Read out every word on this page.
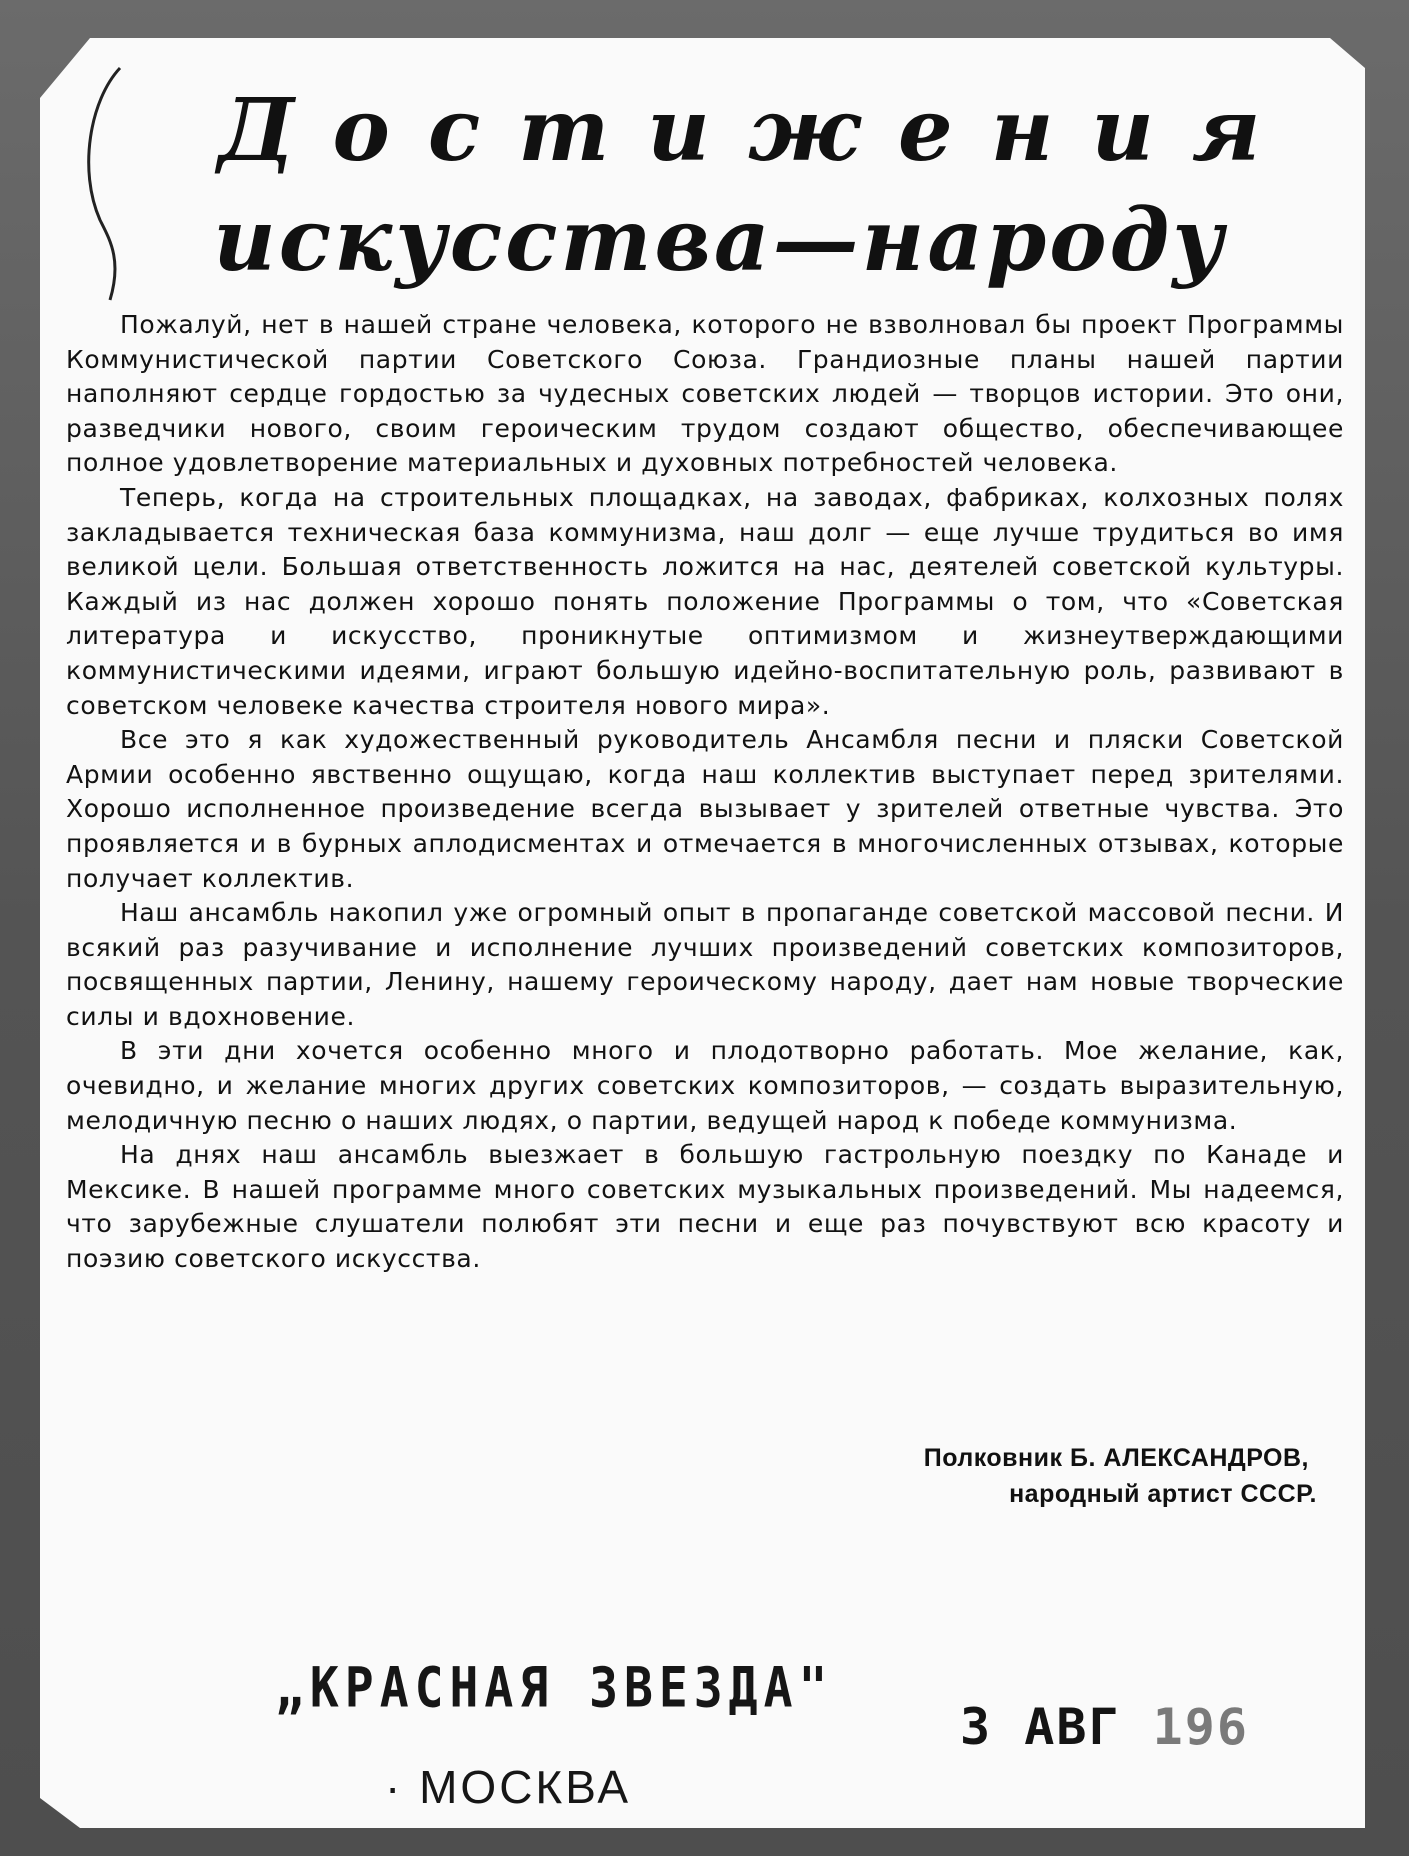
Достижения
искусства—народу

Пожалуй, нет в нашей стране человека, которого не взволновал бы проект Программы Коммунистической партии Советского Союза. Грандиозные планы нашей партии наполняют сердце гордостью за чудесных советских людей — творцов истории. Это они, разведчики нового, своим героическим трудом создают общество, обеспечивающее полное удовлетворение материальных и духовных потребностей человека.

Теперь, когда на строительных площадках, на заводах, фабриках, колхозных полях закладывается техническая база коммунизма, наш долг — еще лучше трудиться во имя великой цели. Большая ответственность ложится на нас, деятелей советской культуры. Каждый из нас должен хорошо понять положение Программы о том, что «Советская литература и искусство, проникнутые оптимизмом и жизнеутверждающими коммунистическими идеями, играют большую идейно-воспитательную роль, развивают в советском человеке качества строителя нового мира».

Все это я как художественный руководитель Ансамбля песни и пляски Советской Армии особенно явственно ощущаю, когда наш коллектив выступает перед зрителями. Хорошо исполненное произведение всегда вызывает у зрителей ответные чувства. Это проявляется и в бурных аплодисментах и отмечается в многочисленных отзывах, которые получает коллектив.

Наш ансамбль накопил уже огромный опыт в пропаганде советской массовой песни. И всякий раз разучивание и исполнение лучших произведений советских композиторов, посвященных партии, Ленину, нашему героическому народу, дает нам новые творческие силы и вдохновение.

В эти дни хочется особенно много и плодотворно работать. Мое желание, как, очевидно, и желание многих других советских композиторов, — создать выразительную, мелодичную песню о наших людях, о партии, ведущей народ к победе коммунизма.

На днях наш ансамбль выезжает в большую гастрольную поездку по Канаде и Мексике. В нашей программе много советских музыкальных произведений. Мы надеемся, что зарубежные слушатели полюбят эти песни и еще раз почувствуют всю красоту и поэзию советского искусства.

Полковник Б. АЛЕКСАНДРОВ,
народный артист СССР.
„КРАСНАЯ ЗВЕЗДА"
· МОСКВА
3 АВГ 196
